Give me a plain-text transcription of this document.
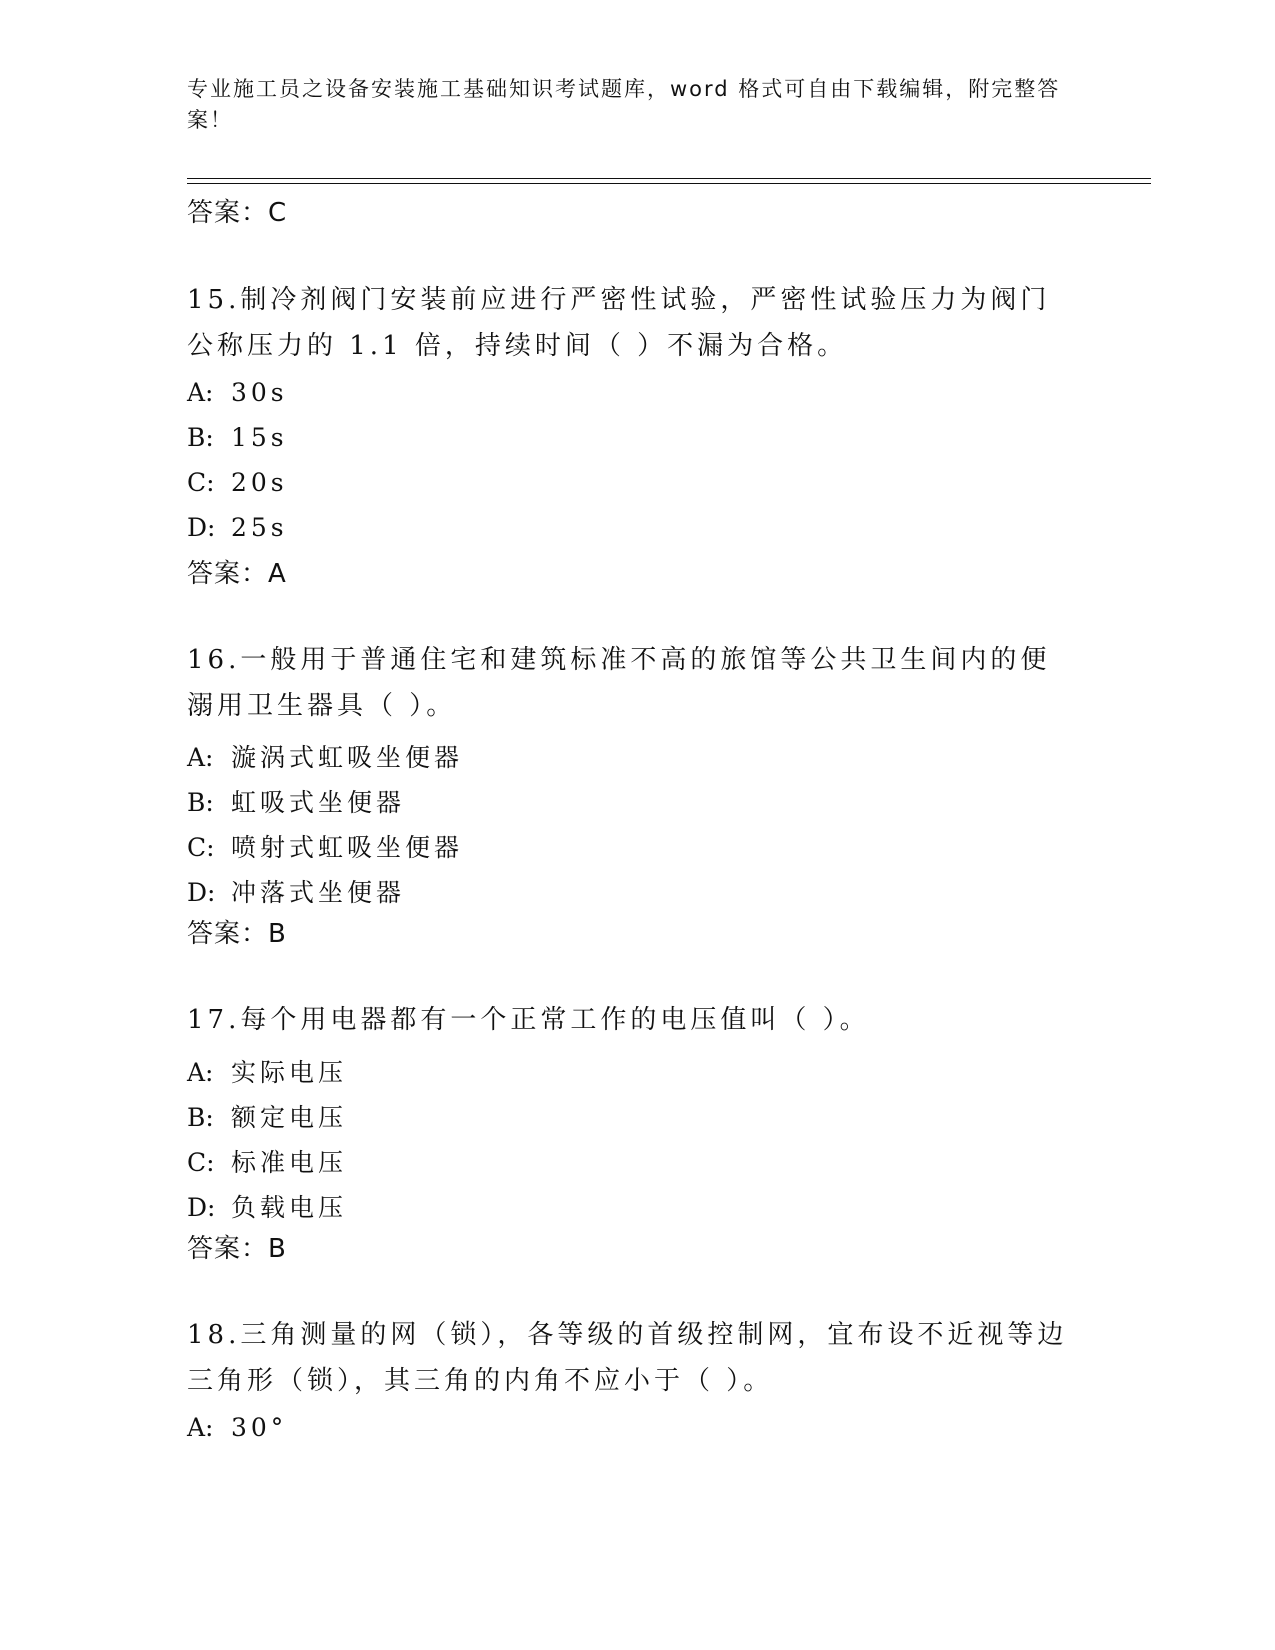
专业施工员之设备安装施工基础知识考试题库，word 格式可自由下载编辑，附完整答案！
答案：C
15.制冷剂阀门安装前应进行严密性试验，严密性试验压力为阀门公称压力的 1.1 倍，持续时间（ ）不漏为合格。
A: 30s
B: 15s
C: 20s
D: 25s
答案：A
16.一般用于普通住宅和建筑标准不高的旅馆等公共卫生间内的便溺用卫生器具（ ）。
A: 漩涡式虹吸坐便器
B: 虹吸式坐便器
C: 喷射式虹吸坐便器
D: 冲落式坐便器
答案：B
17.每个用电器都有一个正常工作的电压值叫（ ）。
A: 实际电压
B: 额定电压
C: 标准电压
D: 负载电压
答案：B
18.三角测量的网（锁），各等级的首级控制网，宜布设不近视等边三角形（锁），其三角的内角不应小于（ ）。
A: 30°
